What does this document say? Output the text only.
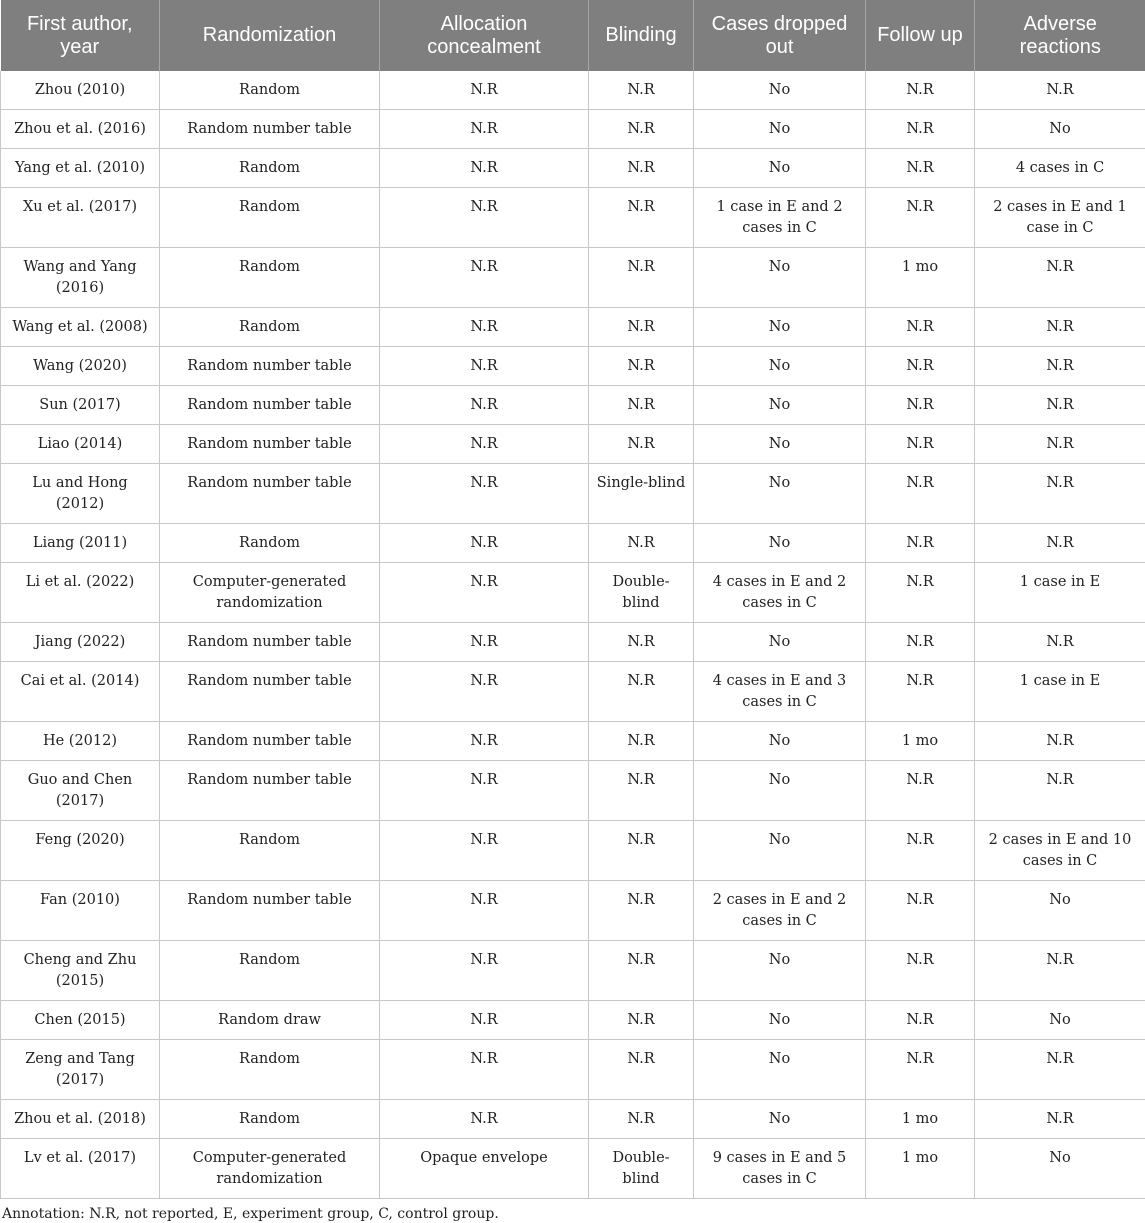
First author, year	Randomization	Allocation concealment	Blinding	Cases dropped out	Follow up	Adverse reactions
Zhou (2010)	Random	N.R	N.R	No	N.R	N.R
Zhou et al. (2016)	Random number table	N.R	N.R	No	N.R	No
Yang et al. (2010)	Random	N.R	N.R	No	N.R	4 cases in C
Xu et al. (2017)	Random	N.R	N.R	1 case in E and 2 cases in C	N.R	2 cases in E and 1 case in C
Wang and Yang (2016)	Random	N.R	N.R	No	1 mo	N.R
Wang et al. (2008)	Random	N.R	N.R	No	N.R	N.R
Wang (2020)	Random number table	N.R	N.R	No	N.R	N.R
Sun (2017)	Random number table	N.R	N.R	No	N.R	N.R
Liao (2014)	Random number table	N.R	N.R	No	N.R	N.R
Lu and Hong (2012)	Random number table	N.R	Single-blind	No	N.R	N.R
Liang (2011)	Random	N.R	N.R	No	N.R	N.R
Li et al. (2022)	Computer-generated randomization	N.R	Double-blind	4 cases in E and 2 cases in C	N.R	1 case in E
Jiang (2022)	Random number table	N.R	N.R	No	N.R	N.R
Cai et al. (2014)	Random number table	N.R	N.R	4 cases in E and 3 cases in C	N.R	1 case in E
He (2012)	Random number table	N.R	N.R	No	1 mo	N.R
Guo and Chen (2017)	Random number table	N.R	N.R	No	N.R	N.R
Feng (2020)	Random	N.R	N.R	No	N.R	2 cases in E and 10 cases in C
Fan (2010)	Random number table	N.R	N.R	2 cases in E and 2 cases in C	N.R	No
Cheng and Zhu (2015)	Random	N.R	N.R	No	N.R	N.R
Chen (2015)	Random draw	N.R	N.R	No	N.R	No
Zeng and Tang (2017)	Random	N.R	N.R	No	N.R	N.R
Zhou et al. (2018)	Random	N.R	N.R	No	1 mo	N.R
Lv et al. (2017)	Computer-generated randomization	Opaque envelope	Double-blind	9 cases in E and 5 cases in C	1 mo	No
Annotation: N.R, not reported, E, experiment group, C, control group.
